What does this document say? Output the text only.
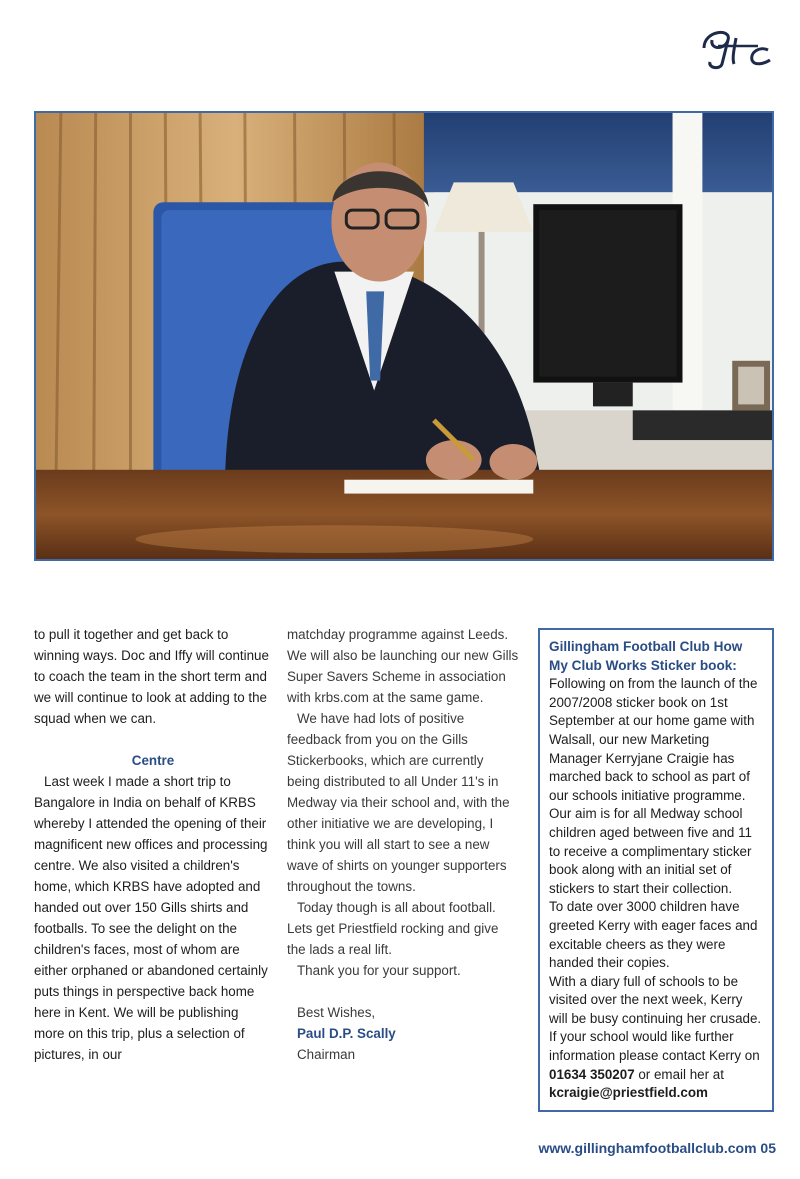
to pull it together and get back to winning ways. Doc and Iffy will continue to coach the team in the short term and we will continue to look at adding to the squad when we can.

Centre

Last week I made a short trip to Bangalore in India on behalf of KRBS whereby I attended the opening of their magnificent new offices and processing centre. We also visited a children's home, which KRBS have adopted and handed out over 150 Gills shirts and footballs. To see the delight on the children's faces, most of whom are either orphaned or abandoned certainly puts things in perspective back home here in Kent. We will be publishing more on this trip, plus a selection of pictures, in our

matchday programme against Leeds. We will also be launching our new Gills Super Savers Scheme in association with krbs.com at the same game.

We have had lots of positive feedback from you on the Gills Stickerbooks, which are currently being distributed to all Under 11's in Medway via their school and, with the other initiative we are developing, I think you will all start to see a new wave of shirts on younger supporters throughout the towns.

Today though is all about football. Lets get Priestfield rocking and give the lads a real lift.

Thank you for your support.

Best Wishes,

Paul D.P. Scally

Chairman

Gillingham Football Club How My Club Works Sticker book:

Following on from the launch of the 2007/2008 sticker book on 1st September at our home game with Walsall, our new Marketing Manager Kerryjane Craigie has marched back to school as part of our schools initiative programme. Our aim is for all Medway school children aged between five and 11 to receive a complimentary sticker book along with an initial set of stickers to start their collection.

To date over 3000 children have greeted Kerry with eager faces and excitable cheers as they were handed their copies.

With a diary full of schools to be visited over the next week, Kerry will be busy continuing her crusade. If your school would like further information please contact Kerry on 01634 350207 or email her at kcraigie@priestfield.com

www.gillinghamfootballclub.com 05
